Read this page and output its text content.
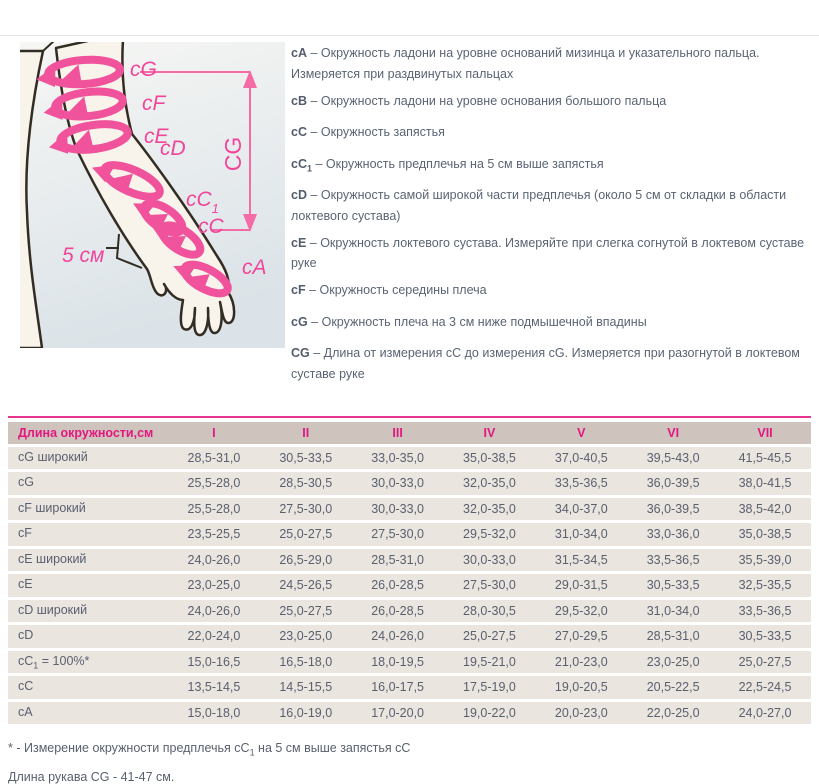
cG
cF
cE
cD
$cC_1$
cC
cA
5 см
CG

cA – Окружность ладони на уровне оснований мизинца и указательного пальца. Измеряется при раздвинутых пальцах

cB – Окружность ладони на уровне основания большого пальца

cC – Окружность запястья

$cC_1$ – Окружность предплечья на 5 см выше запястья

cD – Окружность самой широкой части предплечья (около 5 см от складки в области локтевого сустава)

cE – Окружность локтевого сустава. Измеряйте при слегка согнутой в локтевом суставе руке

cF – Окружность середины плеча

cG – Окружность плеча на 3 см ниже подмышечной впадины

CG – Длина от измерения cC до измерения cG. Измеряется при разогнутой в локтевом суставе руке

Длина окружности,см	I	II	III	IV	V	VI	VII
cG широкий	28,5-31,0	30,5-33,5	33,0-35,0	35,0-38,5	37,0-40,5	39,5-43,0	41,5-45,5
cG	25,5-28,0	28,5-30,5	30,0-33,0	32,0-35,0	33,5-36,5	36,0-39,5	38,0-41,5
cF широкий	25,5-28,0	27,5-30,0	30,0-33,0	32,0-35,0	34,0-37,0	36,0-39,5	38,5-42,0
cF	23,5-25,5	25,0-27,5	27,5-30,0	29,5-32,0	31,0-34,0	33,0-36,0	35,0-38,5
cE широкий	24,0-26,0	26,5-29,0	28,5-31,0	30,0-33,0	31,5-34,5	33,5-36,5	35,5-39,0
cE	23,0-25,0	24,5-26,5	26,0-28,5	27,5-30,0	29,0-31,5	30,5-33,5	32,5-35,5
cD широкий	24,0-26,0	25,0-27,5	26,0-28,5	28,0-30,5	29,5-32,0	31,0-34,0	33,5-36,5
cD	22,0-24,0	23,0-25,0	24,0-26,0	25,0-27,5	27,0-29,5	28,5-31,0	30,5-33,5
$cC_1 = 100\%*$	15,0-16,5	16,5-18,0	18,0-19,5	19,5-21,0	21,0-23,0	23,0-25,0	25,0-27,5
cC	13,5-14,5	14,5-15,5	16,0-17,5	17,5-19,0	19,0-20,5	20,5-22,5	22,5-24,5
cA	15,0-18,0	16,0-19,0	17,0-20,0	19,0-22,0	20,0-23,0	22,0-25,0	24,0-27,0

* - Измерение окружности предплечья $cC_1$ на 5 см выше запястья cC

Длина рукава CG - 41-47 см.
